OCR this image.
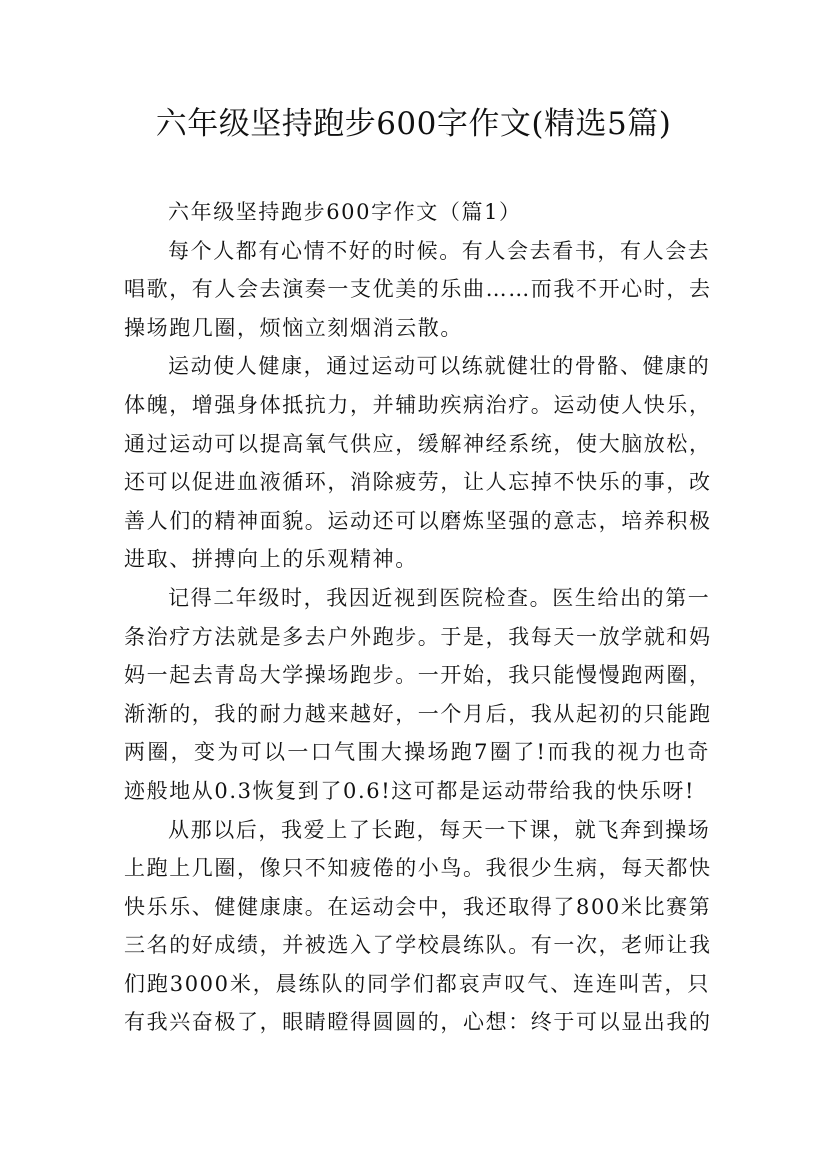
六年级坚持跑步600字作文(精选5篇)
六年级坚持跑步600字作文（篇1）
每个人都有心情不好的时候。有人会去看书，有人会去
唱歌，有人会去演奏一支优美的乐曲……而我不开心时，去
操场跑几圈，烦恼立刻烟消云散。
运动使人健康，通过运动可以练就健壮的骨骼、健康的
体魄，增强身体抵抗力，并辅助疾病治疗。运动使人快乐，
通过运动可以提高氧气供应，缓解神经系统，使大脑放松，
还可以促进血液循环，消除疲劳，让人忘掉不快乐的事，改
善人们的精神面貌。运动还可以磨炼坚强的意志，培养积极
进取、拼搏向上的乐观精神。
记得二年级时，我因近视到医院检查。医生给出的第一
条治疗方法就是多去户外跑步。于是，我每天一放学就和妈
妈一起去青岛大学操场跑步。一开始，我只能慢慢跑两圈，
渐渐的，我的耐力越来越好，一个月后，我从起初的只能跑
两圈，变为可以一口气围大操场跑7圈了!而我的视力也奇
迹般地从0.3恢复到了0.6!这可都是运动带给我的快乐呀!
从那以后，我爱上了长跑，每天一下课，就飞奔到操场
上跑上几圈，像只不知疲倦的小鸟。我很少生病，每天都快
快乐乐、健健康康。在运动会中，我还取得了800米比赛第
三名的好成绩，并被选入了学校晨练队。有一次，老师让我
们跑3000米，晨练队的同学们都哀声叹气、连连叫苦，只
有我兴奋极了，眼睛瞪得圆圆的，心想：终于可以显出我的
